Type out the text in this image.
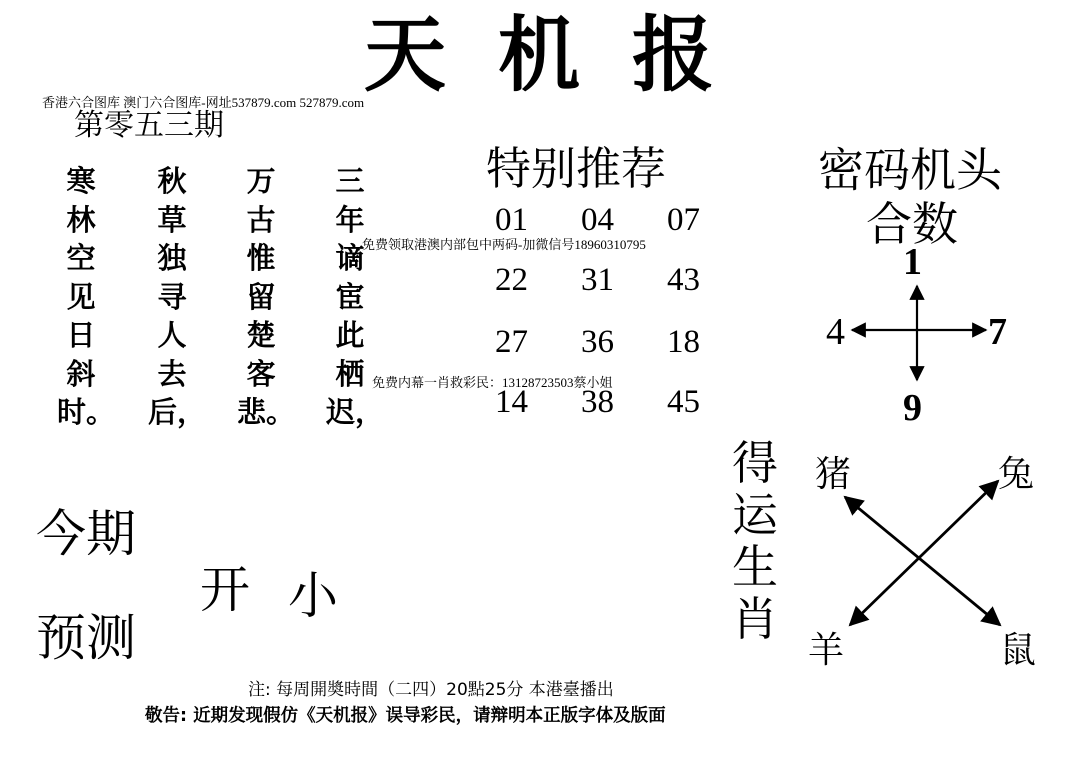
天机报
香港六合图库 澳门六合图库-网址537879.com 527879.com
第零五三期
寒林空见日斜时。
秋草独寻人去后，
万古惟留楚客悲。
三年谪宦此栖迟，
特别推荐
01 04 07
22 31 43
27 36 18
14 38 45
免费领取港澳内部包中两码-加微信号18960310795
免费内幕一肖救彩民：13128723503蔡小姐
密码机头
合数
1
4	7
9
今期
预测
开 小
得运生肖
猪	兔
羊	鼠
注: 每周開奬時間（二四）20點25分 本港臺播出
敬告: 近期发现假仿《天机报》误导彩民，请辩明本正版字体及版面
